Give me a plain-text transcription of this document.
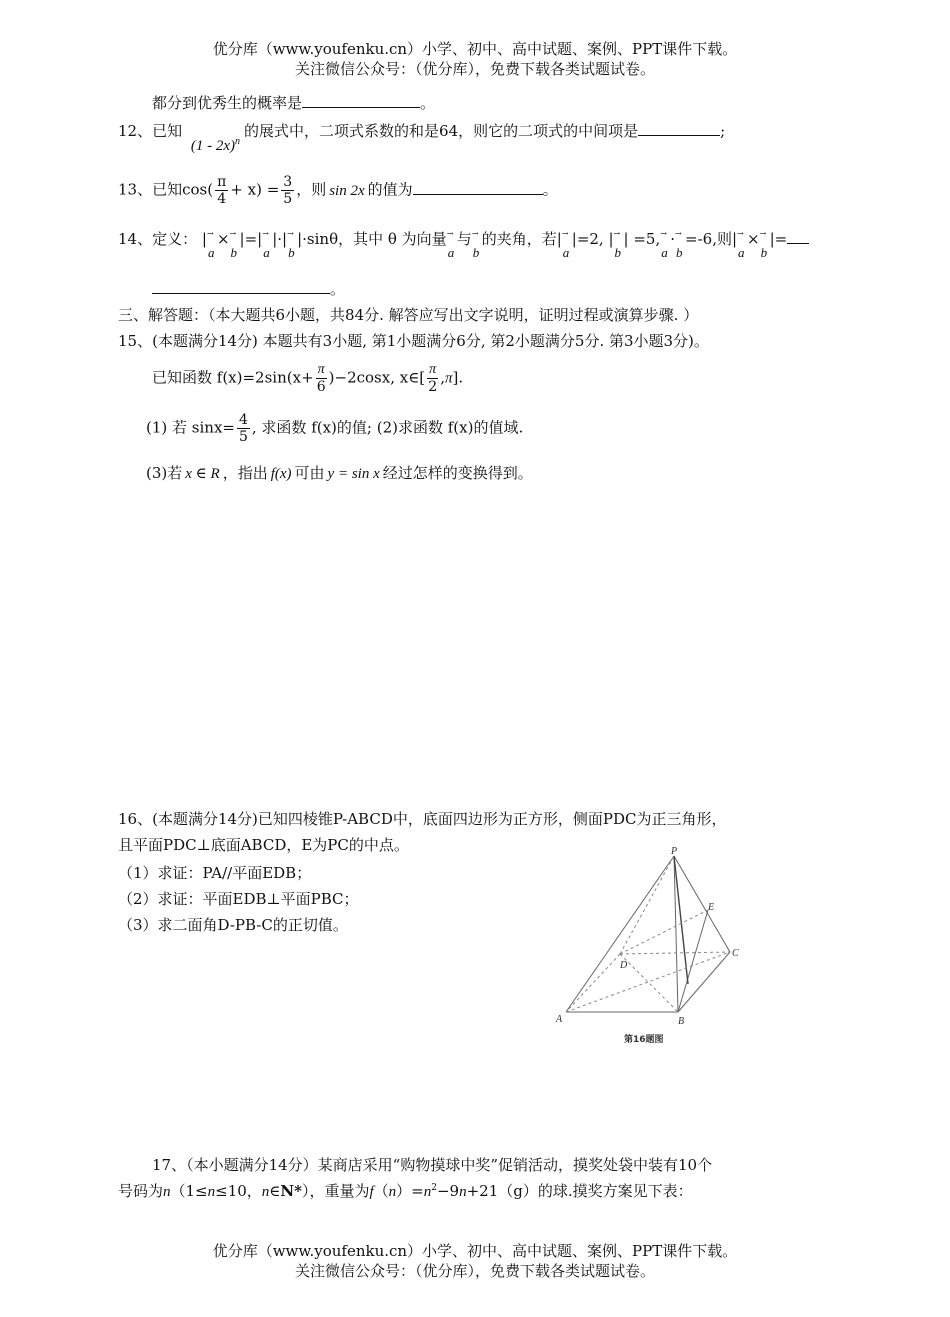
优分库（www.youfenku.cn）小学、初中、高中试题、案例、PPT课件下载。
关注微信公众号：（优分库），免费下载各类试题试卷。
都分到优秀生的概率是	。
12、已知 (1 - 2x)$^n$的展式中，二项式系数的和是64，则它的二项式的中间项是	;
13、已知$\cos( \frac{\pi}{4} + x) = \frac{3}{5}$ ，则 sin 2x 的值为	。
14、定义： | →
a
× →
b
|=| →
a
|·| →
b
|·sinθ，其中 θ 为向量 →
a
与 →
b
的夹角，若| →
a
|=2, | →
b
| =5, →
a
· →
b
=-6,则| →
a
× →
b
|=
。
三、解答题：（本大题共6小题，共84分. 解答应写出文字说明，证明过程或演算步骤. ）
15、(本题满分14分) 本题共有3小题, 第1小题满分6分, 第2小题满分5分. 第3小题3分)。
已知函数 $f(x)=2\sin(x+ \frac{\pi}{6} )-2\cos x$, x∈[ $\frac{\pi}{2} ,\pi$].
(1) 若 $\sin x= \frac{4}{5}$ , 求函数 f(x)的值; (2)求函数 f(x)的值域.
(3)若 x ∈ R ，指出 f(x) 可由 y = sin x 经过怎样的变换得到。
16、(本题满分14分)已知四棱锥P-ABCD中，底面四边形为正方形，侧面PDC为正三角形，
且平面PDC⊥底面ABCD，E为PC的中点。
（1）求证：PA//平面EDB；
（2）求证：平面EDB⊥平面PBC；
（3）求二面角D-PB-C的正切值。
P
E
C
D
A	B
第16题图
17、（本小题满分14分）某商店采用“购物摸球中奖”促销活动，摸奖处袋中装有10个
号码为n（1≤n≤10，n∈N*），重量为$f(n)=n^2-9n+21(g)$的球.摸奖方案见下表：
优分库（www.youfenku.cn）小学、初中、高中试题、案例、PPT课件下载。
关注微信公众号：（优分库），免费下载各类试题试卷。
